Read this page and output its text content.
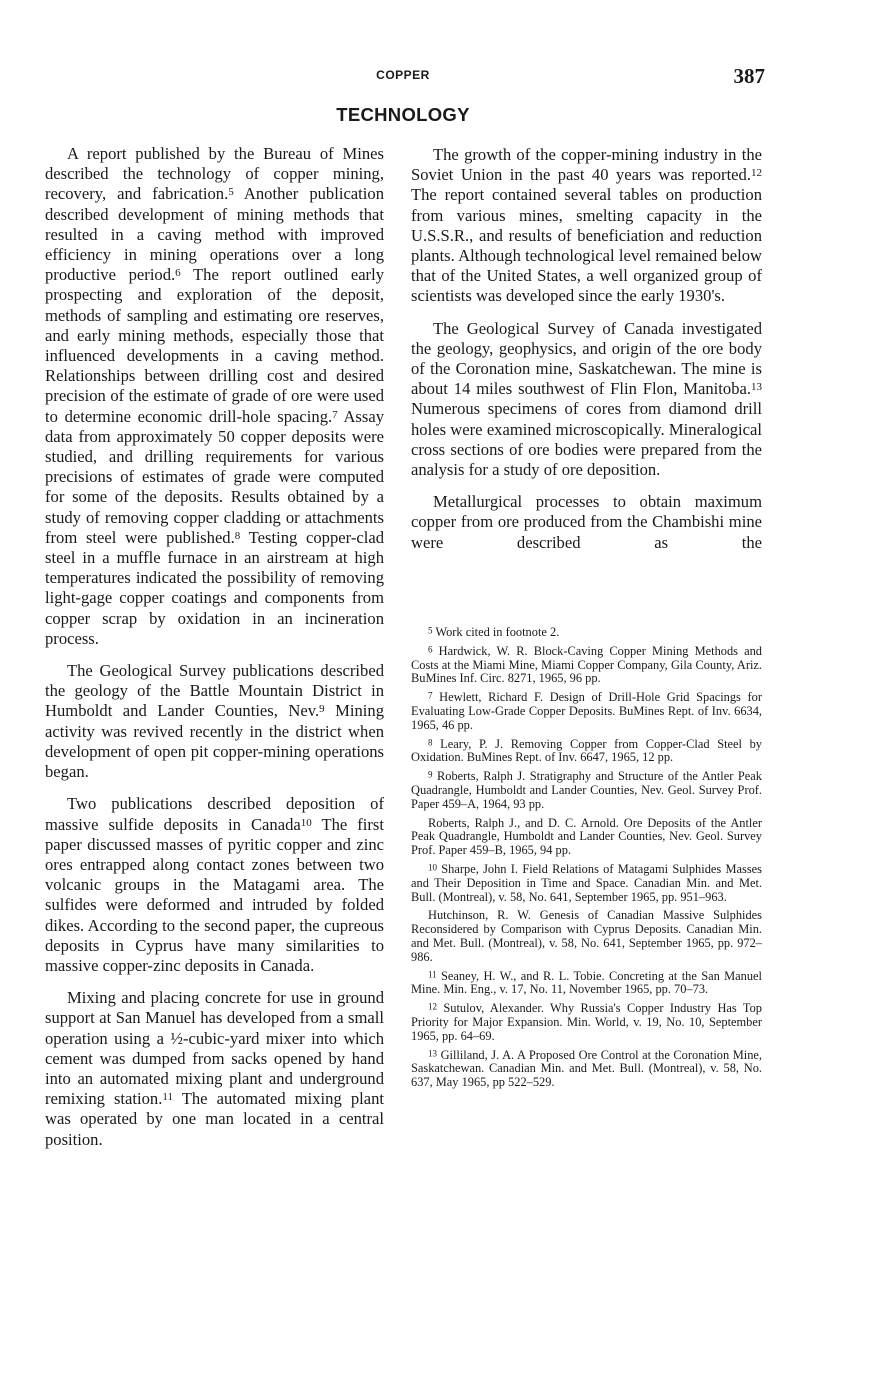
COPPER	387
TECHNOLOGY

A report published by the Bureau of Mines described the technology of copper mining, recovery, and fabrication.$^5$ Another publication described development of mining methods that resulted in a caving method with improved efficiency in mining operations over a long productive period.$^6$ The report outlined early prospecting and exploration of the deposit, methods of sampling and estimating ore reserves, and early mining methods, especially those that influenced developments in a caving method. Relationships between drilling cost and desired precision of the estimate of grade of ore were used to determine economic drill-hole spacing.$^7$ Assay data from approximately 50 copper deposits were studied, and drilling requirements for various precisions of estimates of grade were computed for some of the deposits. Results obtained by a study of removing copper cladding or attachments from steel were published.$^8$ Testing copper-clad steel in a muffle furnace in an airstream at high temperatures indicated the possibility of removing light-gage copper coatings and components from copper scrap by oxidation in an incineration process.

The Geological Survey publications described the geology of the Battle Mountain District in Humboldt and Lander Counties, Nev.$^9$ Mining activity was revived recently in the district when development of open pit copper-mining operations began.

Two publications described deposition of massive sulfide deposits in Canada$^{10}$ The first paper discussed masses of pyritic copper and zinc ores entrapped along contact zones between two volcanic groups in the Matagami area. The sulfides were deformed and intruded by folded dikes. According to the second paper, the cupreous deposits in Cyprus have many similarities to massive copper-zinc deposits in Canada.

Mixing and placing concrete for use in ground support at San Manuel has developed from a small operation using a ½-cubic-yard mixer into which cement was dumped from sacks opened by hand into an automated mixing plant and underground remixing station.$^{11}$ The automated mixing plant was operated by one man located in a central position.

The growth of the copper-mining industry in the Soviet Union in the past 40 years was reported.$^{12}$ The report contained several tables on production from various mines, smelting capacity in the U.S.S.R., and results of beneficiation and reduction plants. Although technological level remained below that of the United States, a well organized group of scientists was developed since the early 1930's.

The Geological Survey of Canada investigated the geology, geophysics, and origin of the ore body of the Coronation mine, Saskatchewan. The mine is about 14 miles southwest of Flin Flon, Manitoba.$^{13}$ Numerous specimens of cores from diamond drill holes were examined microscopically. Mineralogical cross sections of ore bodies were prepared from the analysis for a study of ore deposition.

Metallurgical processes to obtain maximum copper from ore produced from the Chambishi mine were described as the

$^5$ Work cited in footnote 2.

$^6$ Hardwick, W. R. Block-Caving Copper Mining Methods and Costs at the Miami Mine, Miami Copper Company, Gila County, Ariz. BuMines Inf. Circ. 8271, 1965, 96 pp.

$^7$ Hewlett, Richard F. Design of Drill-Hole Grid Spacings for Evaluating Low-Grade Copper Deposits. BuMines Rept. of Inv. 6634, 1965, 46 pp.

$^8$ Leary, P. J. Removing Copper from Copper-Clad Steel by Oxidation. BuMines Rept. of Inv. 6647, 1965, 12 pp.

$^9$ Roberts, Ralph J. Stratigraphy and Structure of the Antler Peak Quadrangle, Humboldt and Lander Counties, Nev. Geol. Survey Prof. Paper 459–A, 1964, 93 pp.

Roberts, Ralph J., and D. C. Arnold. Ore Deposits of the Antler Peak Quadrangle, Humboldt and Lander Counties, Nev. Geol. Survey Prof. Paper 459–B, 1965, 94 pp.

$^{10}$ Sharpe, John I. Field Relations of Matagami Sulphides Masses and Their Deposition in Time and Space. Canadian Min. and Met. Bull. (Montreal), v. 58, No. 641, September 1965, pp. 951–963.

Hutchinson, R. W. Genesis of Canadian Massive Sulphides Reconsidered by Comparison with Cyprus Deposits. Canadian Min. and Met. Bull. (Montreal), v. 58, No. 641, September 1965, pp. 972–986.

$^{11}$ Seaney, H. W., and R. L. Tobie. Concreting at the San Manuel Mine. Min. Eng., v. 17, No. 11, November 1965, pp. 70–73.

$^{12}$ Sutulov, Alexander. Why Russia's Copper Industry Has Top Priority for Major Expansion. Min. World, v. 19, No. 10, September 1965, pp. 64–69.

$^{13}$ Gilliland, J. A. A Proposed Ore Control at the Coronation Mine, Saskatchewan. Canadian Min. and Met. Bull. (Montreal), v. 58, No. 637, May 1965, pp 522–529.
